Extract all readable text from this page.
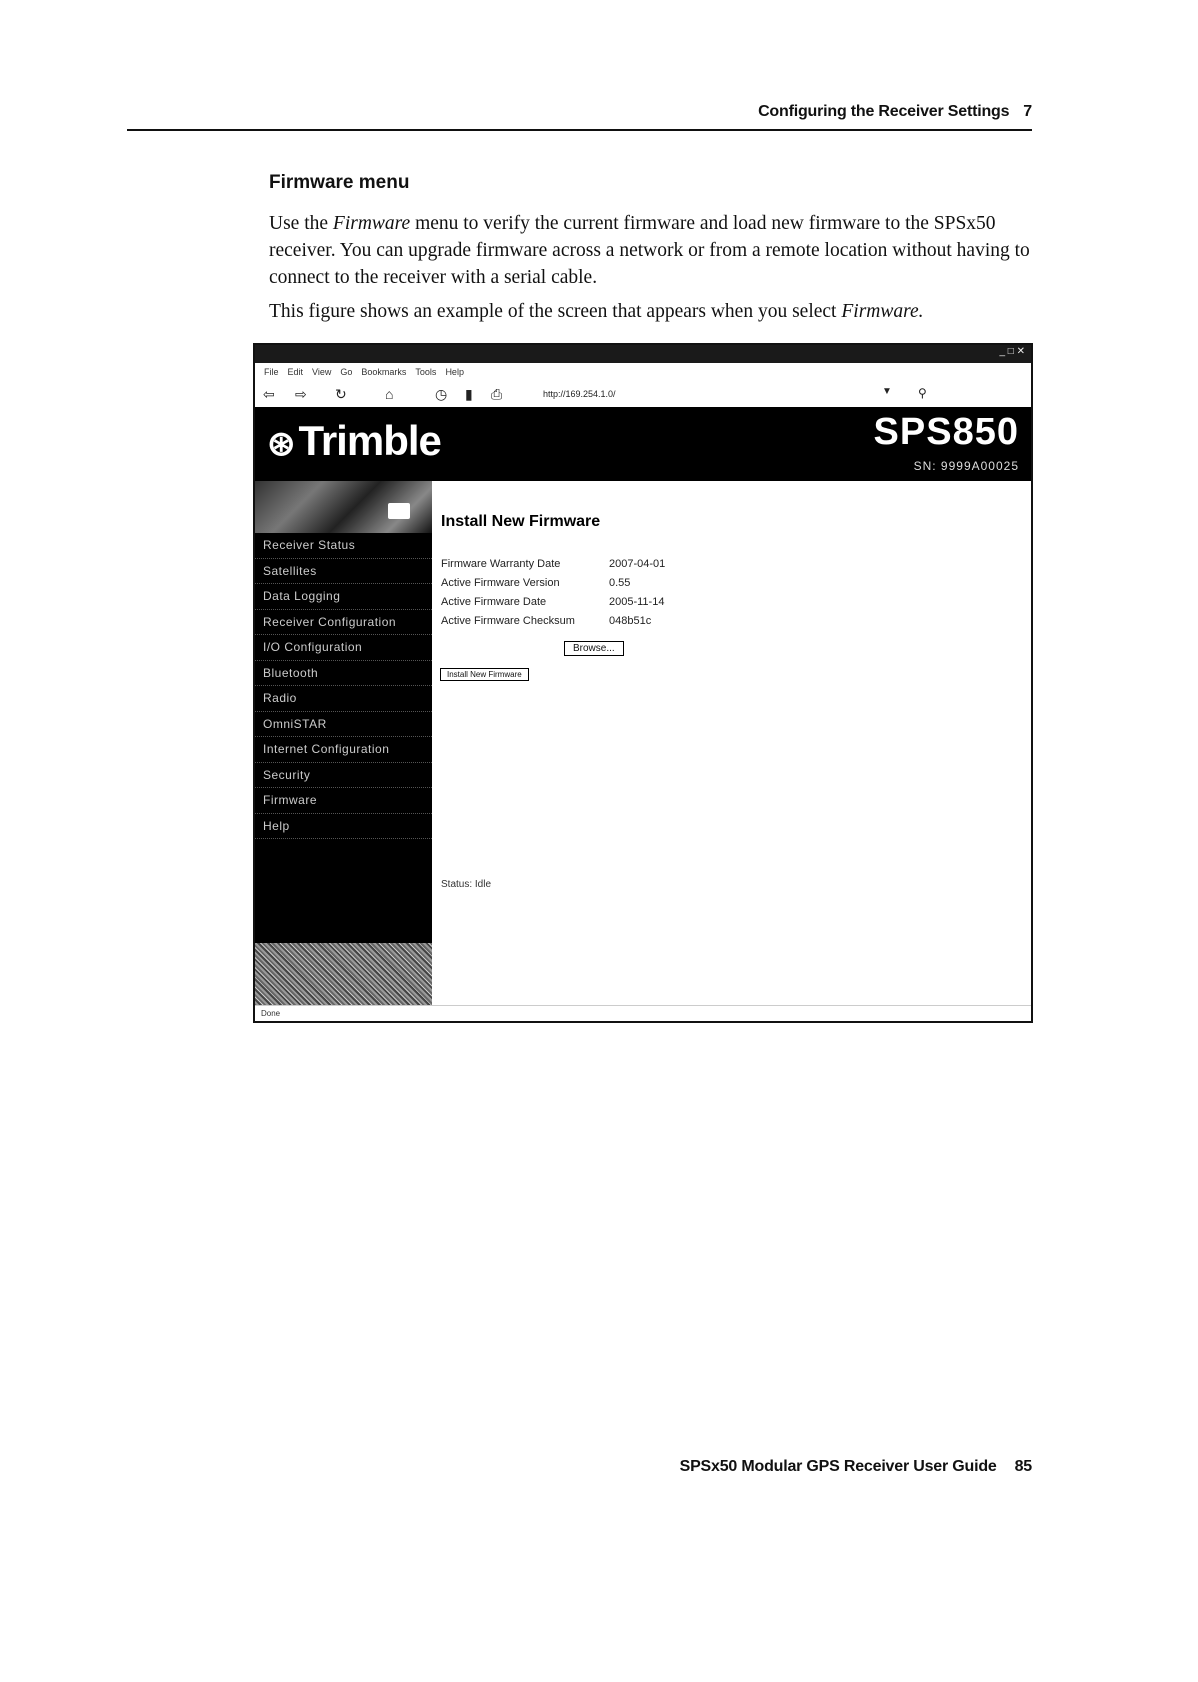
Configuring the Receiver Settings 7
Firmware menu
Use the Firmware menu to verify the current firmware and load new firmware to the SPSx50 receiver. You can upgrade firmware across a network or from a remote location without having to connect to the receiver with a serial cable.
This figure shows an example of the screen that appears when you select Firmware.
_ □ ✕
File Edit View Go Bookmarks Tools Help
⇦ ⇨ ↻	⌂	◷ ▮ ⎙	http://169.254.1.0/	▼ ⚲
⊛Trimble	SPS850
SN: 9999A00025
Receiver Status
Satellites
Data Logging
Receiver Configuration
I/O Configuration
Bluetooth
Radio
OmniSTAR
Internet Configuration
Security
Firmware
Help
Install New Firmware
Firmware Warranty Date	2007-04-01
Active Firmware Version	0.55
Active Firmware Date	2005-11-14
Active Firmware Checksum	048b51c
Browse...
Install New Firmware
Status: Idle
Done
SPSx50 Modular GPS Receiver User Guide 85
